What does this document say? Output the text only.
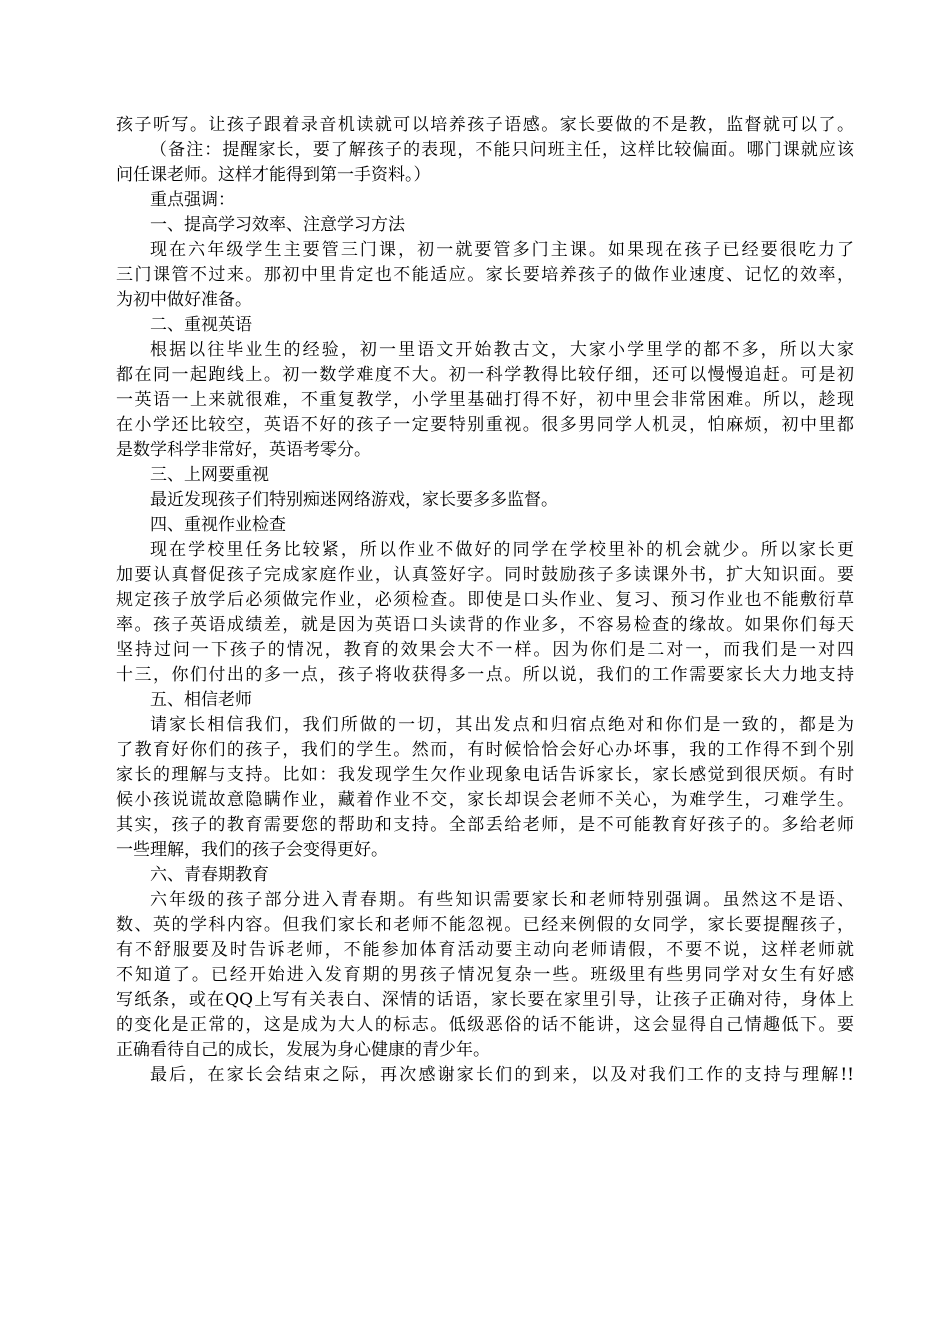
孩子听写。让孩子跟着录音机读就可以培养孩子语感。家长要做的不是教，监督就可以了。
（备注：提醒家长，要了解孩子的表现，不能只问班主任，这样比较偏面。哪门课就应该
问任课老师。这样才能得到第一手资料。）
重点强调：
一、提高学习效率、注意学习方法
现在六年级学生主要管三门课，初一就要管多门主课。如果现在孩子已经要很吃力了
三门课管不过来。那初中里肯定也不能适应。家长要培养孩子的做作业速度、记忆的效率，
为初中做好准备。
二、重视英语
根据以往毕业生的经验，初一里语文开始教古文，大家小学里学的都不多，所以大家
都在同一起跑线上。初一数学难度不大。初一科学教得比较仔细，还可以慢慢追赶。可是初
一英语一上来就很难，不重复教学，小学里基础打得不好，初中里会非常困难。所以，趁现
在小学还比较空，英语不好的孩子一定要特别重视。很多男同学人机灵，怕麻烦，初中里都
是数学科学非常好，英语考零分。
三、上网要重视
最近发现孩子们特别痴迷网络游戏，家长要多多监督。
四、重视作业检查
现在学校里任务比较紧，所以作业不做好的同学在学校里补的机会就少。所以家长更
加要认真督促孩子完成家庭作业，认真签好字。同时鼓励孩子多读课外书，扩大知识面。要
规定孩子放学后必须做完作业，必须检查。即使是口头作业、复习、预习作业也不能敷衍草
率。孩子英语成绩差，就是因为英语口头读背的作业多，不容易检查的缘故。如果你们每天
坚持过问一下孩子的情况，教育的效果会大不一样。因为你们是二对一，而我们是一对四
十三，你们付出的多一点，孩子将收获得多一点。所以说，我们的工作需要家长大力地支持
五、相信老师
请家长相信我们，我们所做的一切，其出发点和归宿点绝对和你们是一致的，都是为
了教育好你们的孩子，我们的学生。然而，有时候恰恰会好心办坏事，我的工作得不到个别
家长的理解与支持。比如：我发现学生欠作业现象电话告诉家长，家长感觉到很厌烦。有时
候小孩说谎故意隐瞒作业，藏着作业不交，家长却误会老师不关心，为难学生，刁难学生。
其实，孩子的教育需要您的帮助和支持。全部丢给老师，是不可能教育好孩子的。多给老师
一些理解，我们的孩子会变得更好。
六、青春期教育
六年级的孩子部分进入青春期。有些知识需要家长和老师特别强调。虽然这不是语、
数、英的学科内容。但我们家长和老师不能忽视。已经来例假的女同学，家长要提醒孩子，
有不舒服要及时告诉老师，不能参加体育活动要主动向老师请假，不要不说，这样老师就
不知道了。已经开始进入发育期的男孩子情况复杂一些。班级里有些男同学对女生有好感
写纸条，或在QQ上写有关表白、深情的话语，家长要在家里引导，让孩子正确对待，身体上
的变化是正常的，这是成为大人的标志。低级恶俗的话不能讲，这会显得自己情趣低下。要
正确看待自己的成长，发展为身心健康的青少年。
最后，在家长会结束之际，再次感谢家长们的到来，以及对我们工作的支持与理解!!
